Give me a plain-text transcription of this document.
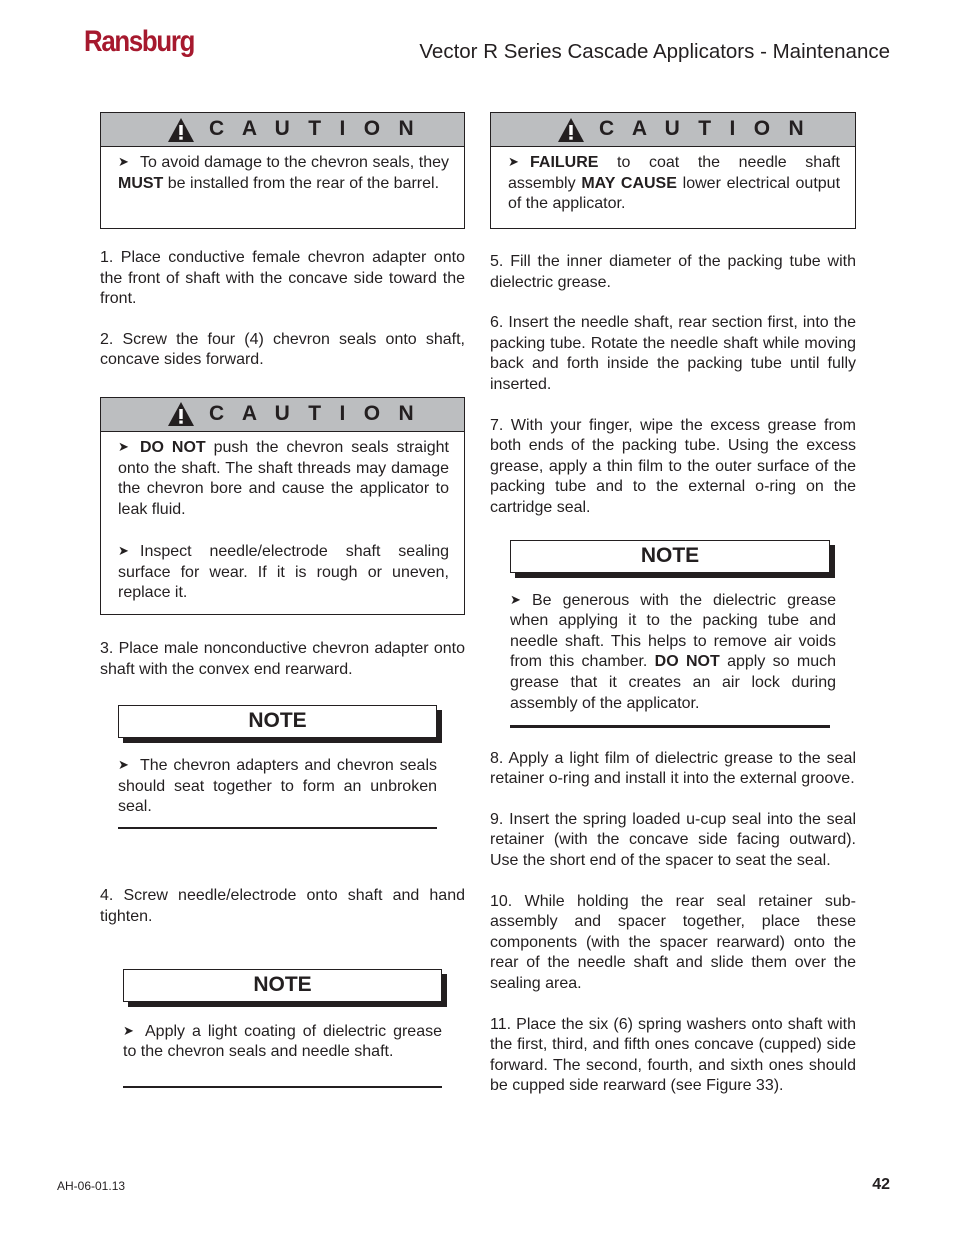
Ransburg	Vector R Series Cascade Applicators - Maintenance
C A U T I O N

➤ To avoid damage to the chevron seals, they MUST be installed from the rear of the barrel.

1. Place conductive female chevron adapter onto the front of shaft with the concave side toward the front.

2. Screw the four (4) chevron seals onto shaft, concave sides forward.

C A U T I O N

➤ DO NOT push the chevron seals straight onto the shaft. The shaft threads may damage the chevron bore and cause the applicator to leak fluid.

➤ Inspect needle/electrode shaft sealing surface for wear. If it is rough or uneven, replace it.

3. Place male nonconductive chevron adapter onto shaft with the convex end rearward.

NOTE

➤ The chevron adapters and chevron seals should seat together to form an unbroken seal.

4. Screw needle/electrode onto shaft and hand tighten.

NOTE

➤ Apply a light coating of dielectric grease to the chevron seals and needle shaft.

C A U T I O N

➤ FAILURE to coat the needle shaft assembly MAY CAUSE lower electrical output of the applicator.

5. Fill the inner diameter of the packing tube with dielectric grease.

6. Insert the needle shaft, rear section first, into the packing tube. Rotate the needle shaft while moving back and forth inside the packing tube until fully inserted.

7. With your finger, wipe the excess grease from both ends of the packing tube. Using the excess grease, apply a thin film to the outer surface of the packing tube and to the external o-ring on the cartridge seal.

NOTE

➤ Be generous with the dielectric grease when applying it to the packing tube and needle shaft. This helps to remove air voids from this chamber. DO NOT apply so much grease that it creates an air lock during assembly of the applicator.

8. Apply a light film of dielectric grease to the seal retainer o-ring and install it into the external groove.

9. Insert the spring loaded u-cup seal into the seal retainer (with the concave side facing outward). Use the short end of the spacer to seat the seal.

10. While holding the rear seal retainer sub-assembly and spacer together, place these components (with the spacer rearward) onto the rear of the needle shaft and slide them over the sealing area.

11. Place the six (6) spring washers onto shaft with the first, third, and fifth ones concave (cupped) side forward. The second, fourth, and sixth ones should be cupped side rearward (see Figure 33).

AH-06-01.13	42
